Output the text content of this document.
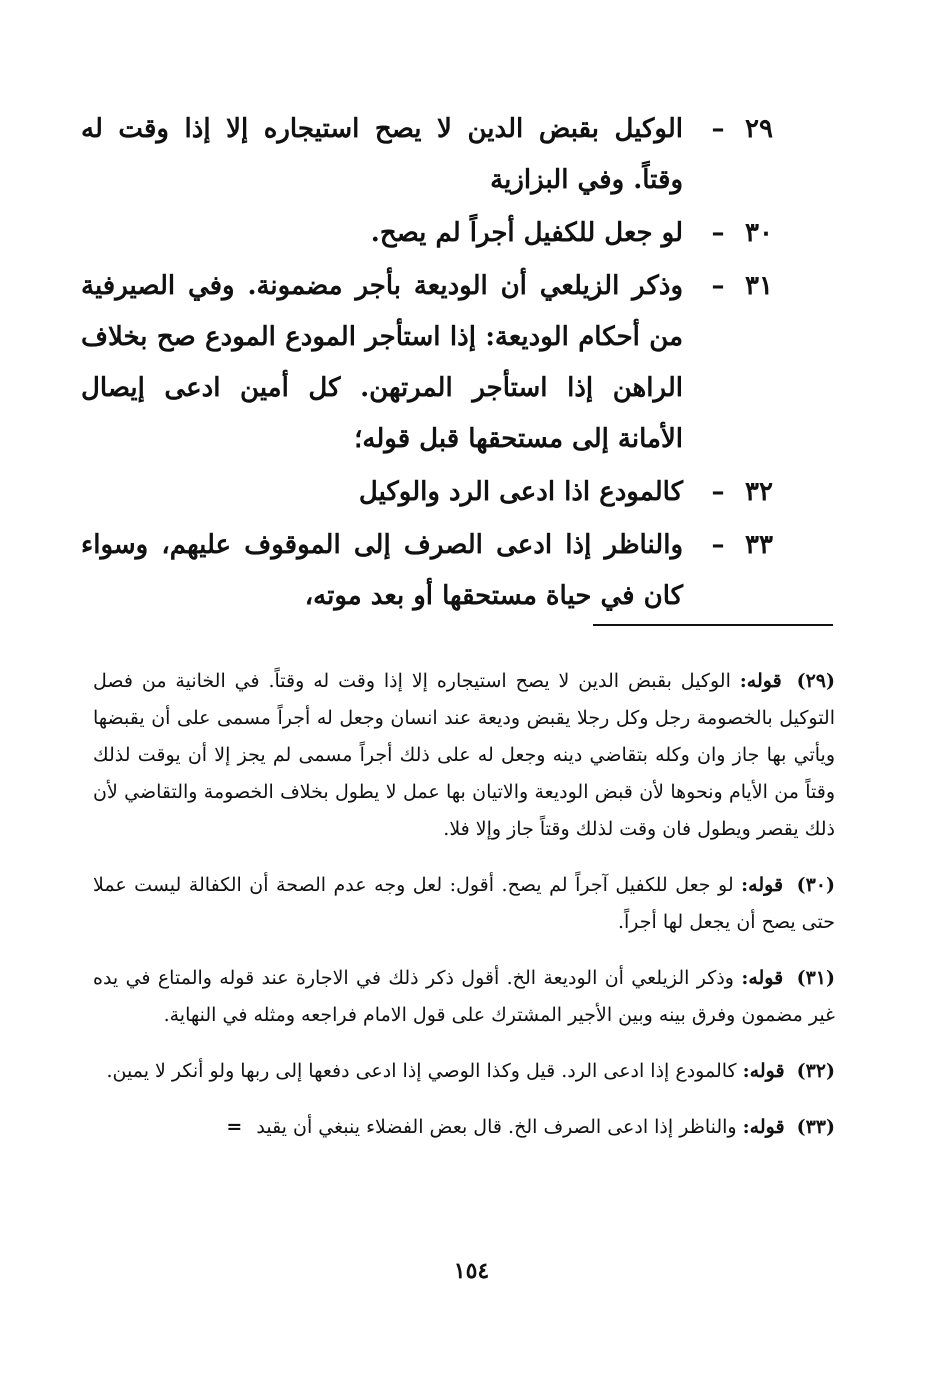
٢٩
–
الوكيل بقبض الدين لا يصح استيجاره إلا إذا وقت له وقتاً. وفي البزازية
٣٠
–
لو جعل للكفيل أجراً لم يصح.
٣١
–
وذكر الزيلعي أن الوديعة بأجر مضمونة. وفي الصيرفية من أحكام الوديعة: إذا استأجر المودع المودع صح بخلاف الراهن إذا استأجر المرتهن. كل أمين ادعى إيصال الأمانة إلى مستحقها قبل قوله؛
٣٢
–
كالمودع اذا ادعى الرد والوكيل
٣٣
–
والناظر إذا ادعى الصرف إلى الموقوف عليهم، وسواء كان في حياة مستحقها أو بعد موته،

(٢٩) قوله: الوكيل بقبض الدين لا يصح استيجاره إلا إذا وقت له وقتاً. في الخانية من فصل التوكيل بالخصومة رجل وكل رجلا يقبض وديعة عند انسان وجعل له أجراً مسمى على أن يقبضها ويأتي بها جاز وان وكله بتقاضي دينه وجعل له على ذلك أجراً مسمى لم يجز إلا أن يوقت لذلك وقتاً من الأيام ونحوها لأن قبض الوديعة والاتيان بها عمل لا يطول بخلاف الخصومة والتقاضي لأن ذلك يقصر ويطول فان وقت لذلك وقتاً جاز وإلا فلا.

(٣٠) قوله: لو جعل للكفيل آجراً لم يصح. أقول: لعل وجه عدم الصحة أن الكفالة ليست عملا حتى يصح أن يجعل لها أجراً.

(٣١) قوله: وذكر الزيلعي أن الوديعة الخ. أقول ذكر ذلك في الاجارة عند قوله والمتاع في يده غير مضمون وفرق بينه وبين الأجير المشترك على قول الامام فراجعه ومثله في النهاية.

(٣٢) قوله: كالمودع إذا ادعى الرد. قيل وكذا الوصي إذا ادعى دفعها إلى ربها ولو أنكر لا يمين.

(٣٣) قوله: والناظر إذا ادعى الصرف الخ. قال بعض الفضلاء ينبغي أن يقيد =

١٥٤
